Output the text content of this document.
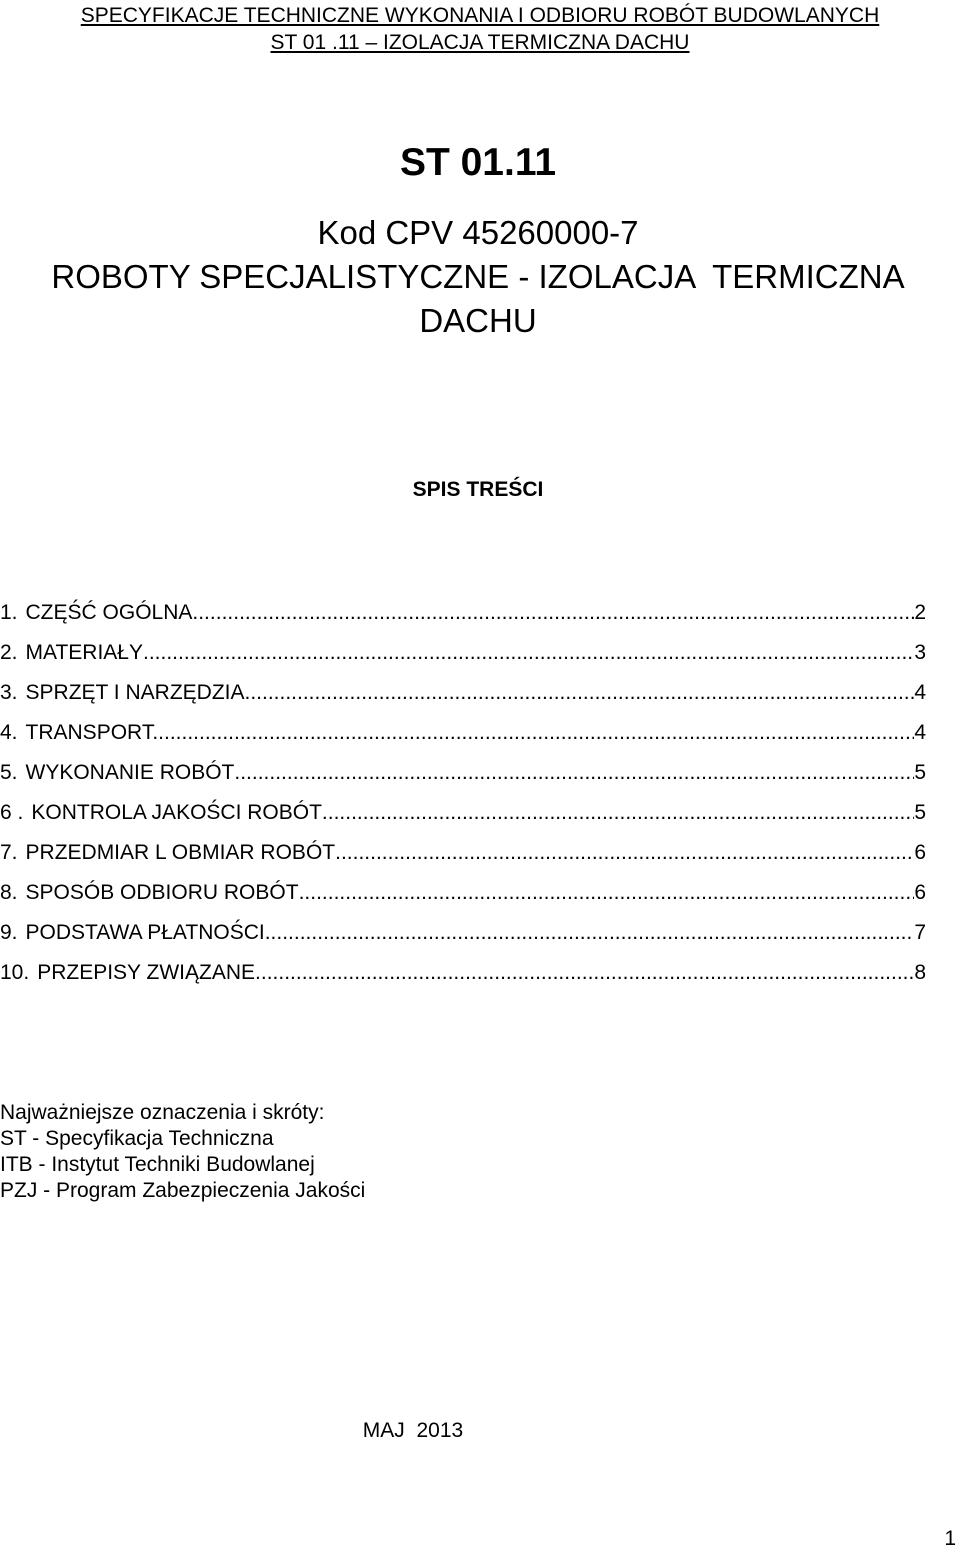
SPECYFIKACJE TECHNICZNE WYKONANIA I ODBIORU ROBÓT BUDOWLANYCH
ST 01 .11 – IZOLACJA TERMICZNA DACHU
ST 01.11
Kod CPV 45260000-7
ROBOTY SPECJALISTYCZNE - IZOLACJA  TERMICZNA
DACHU
SPIS TREŚCI
1. CZĘŚĆ OGÓLNA .....	2
2. MATERIAŁY .....	3
3. SPRZĘT I NARZĘDZIA .....	4
4. TRANSPORT. .....	4
5. WYKONANIE ROBÓT .....	5
6 . KONTROLA JAKOŚCI ROBÓT .....	5
7. PRZEDMIAR L OBMIAR ROBÓT .....	6
8. SPOSÓB ODBIORU ROBÓT .....	6
9. PODSTAWA PŁATNOŚCI .....	7
10. PRZEPISY ZWIĄZANE .....	8
Najważniejsze oznaczenia i skróty:
ST - Specyfikacja Techniczna
ITB - Instytut Techniki Budowlanej
PZJ - Program Zabezpieczenia Jakości
MAJ  2013
1
